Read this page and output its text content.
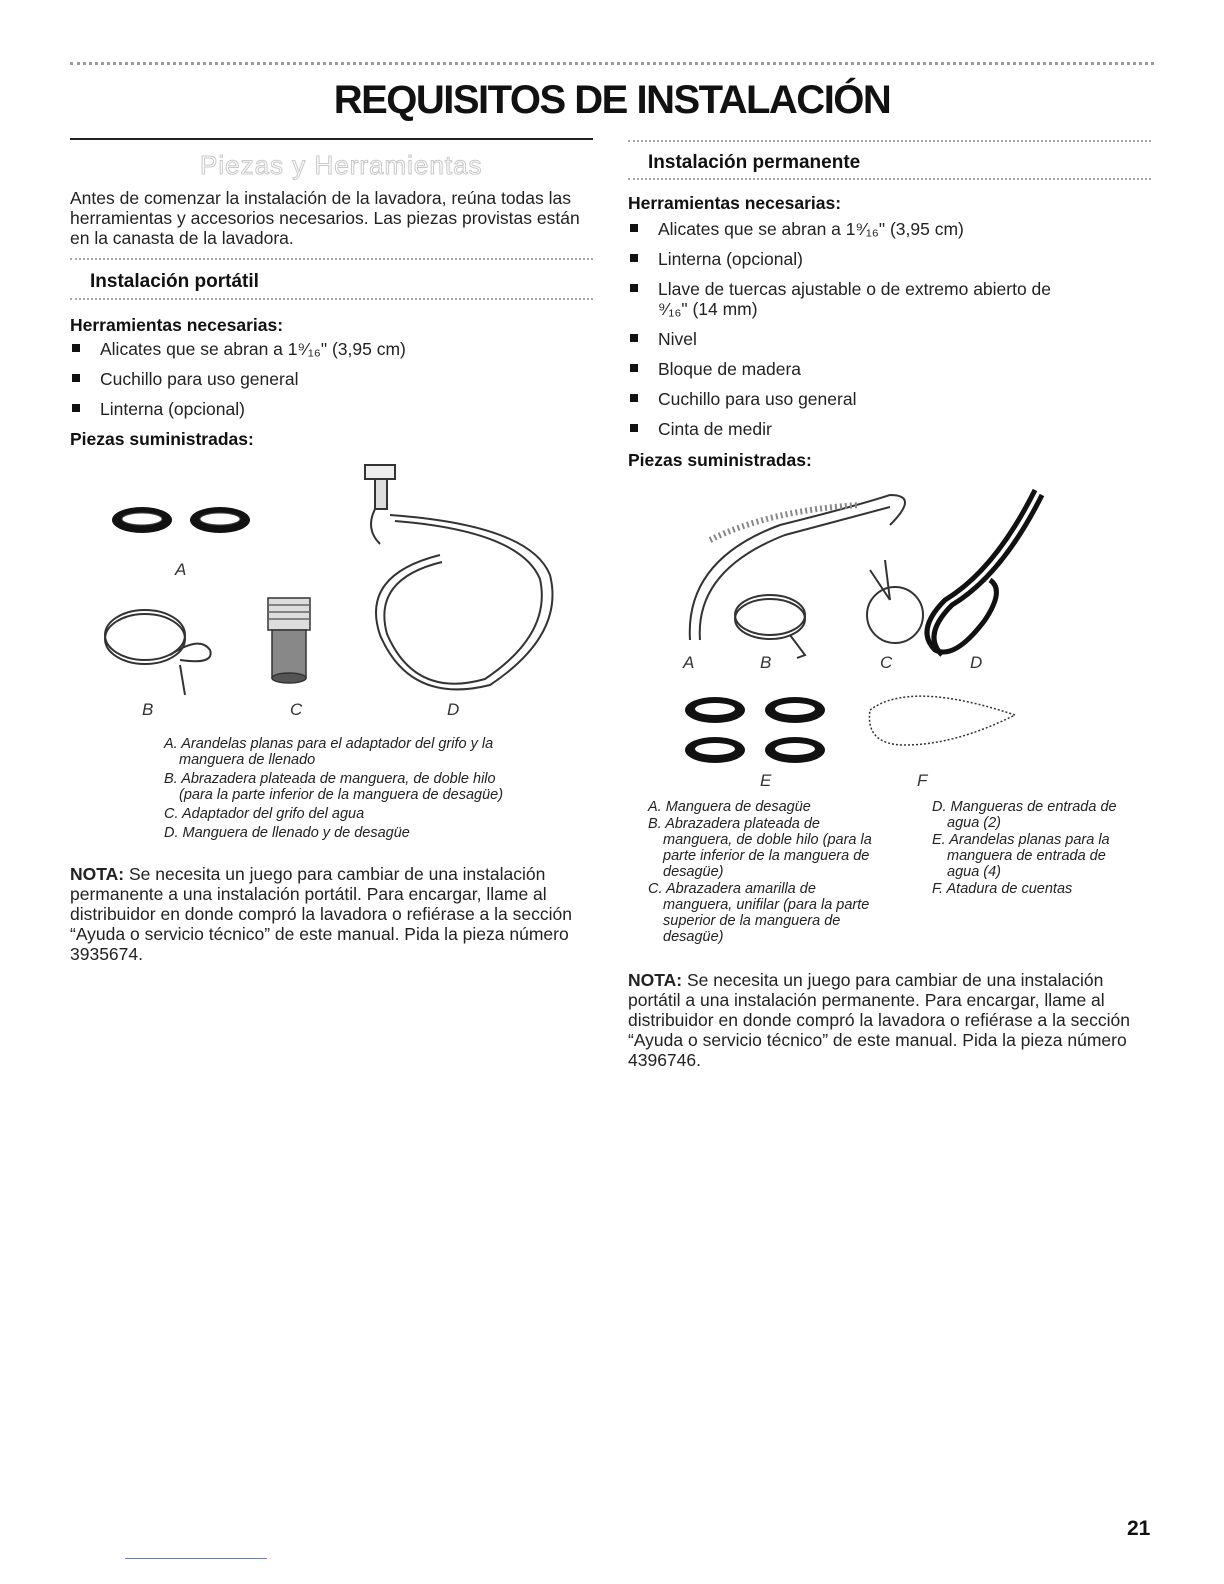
REQUISITOS DE INSTALACIÓN
Piezas y Herramientas
Antes de comenzar la instalación de la lavadora, reúna todas las herramientas y accesorios necesarios. Las piezas provistas están en la canasta de la lavadora.
Instalación portátil
Herramientas necesarias:
Alicates que se abran a 1⁹⁄₁₆" (3,95 cm)
Cuchillo para uso general
Linterna (opcional)
Piezas suministradas:
A
B	C	D
A. Arandelas planas para el adaptador del grifo y la

manguera de llenado
B. Abrazadera plateada de manguera, de doble hilo
(para la parte inferior de la manguera de desagüe)
C. Adaptador del grifo del agua
D. Manguera de llenado y de desagüe
NOTA: Se necesita un juego para cambiar de una instalación permanente a una instalación portátil. Para encargar, llame al distribuidor en donde compró la lavadora o refiérase a la sección “Ayuda o servicio técnico” de este manual. Pida la pieza número 3935674.
Instalación permanente
Herramientas necesarias:
Alicates que se abran a 1⁹⁄₁₆" (3,95 cm)
Linterna (opcional)
Llave de tuercas ajustable o de extremo abierto de
⁹⁄₁₆" (14 mm)
Nivel
Bloque de madera
Cuchillo para uso general
Cinta de medir
Piezas suministradas:
A	B	C	D
E	F
A. Manguera de desagüe
B. Abrazadera plateada de
manguera, de doble hilo (para la
parte inferior de la manguera de
desagüe)
C. Abrazadera amarilla de
manguera, unifilar (para la parte
superior de la manguera de
desagüe)
D. Mangueras de entrada de
agua (2)
E. Arandelas planas para la
manguera de entrada de
agua (4)
F. Atadura de cuentas
NOTA: Se necesita un juego para cambiar de una instalación portátil a una instalación permanente. Para encargar, llame al distribuidor en donde compró la lavadora o refiérase a la sección “Ayuda o servicio técnico” de este manual. Pida la pieza número 4396746.
21
